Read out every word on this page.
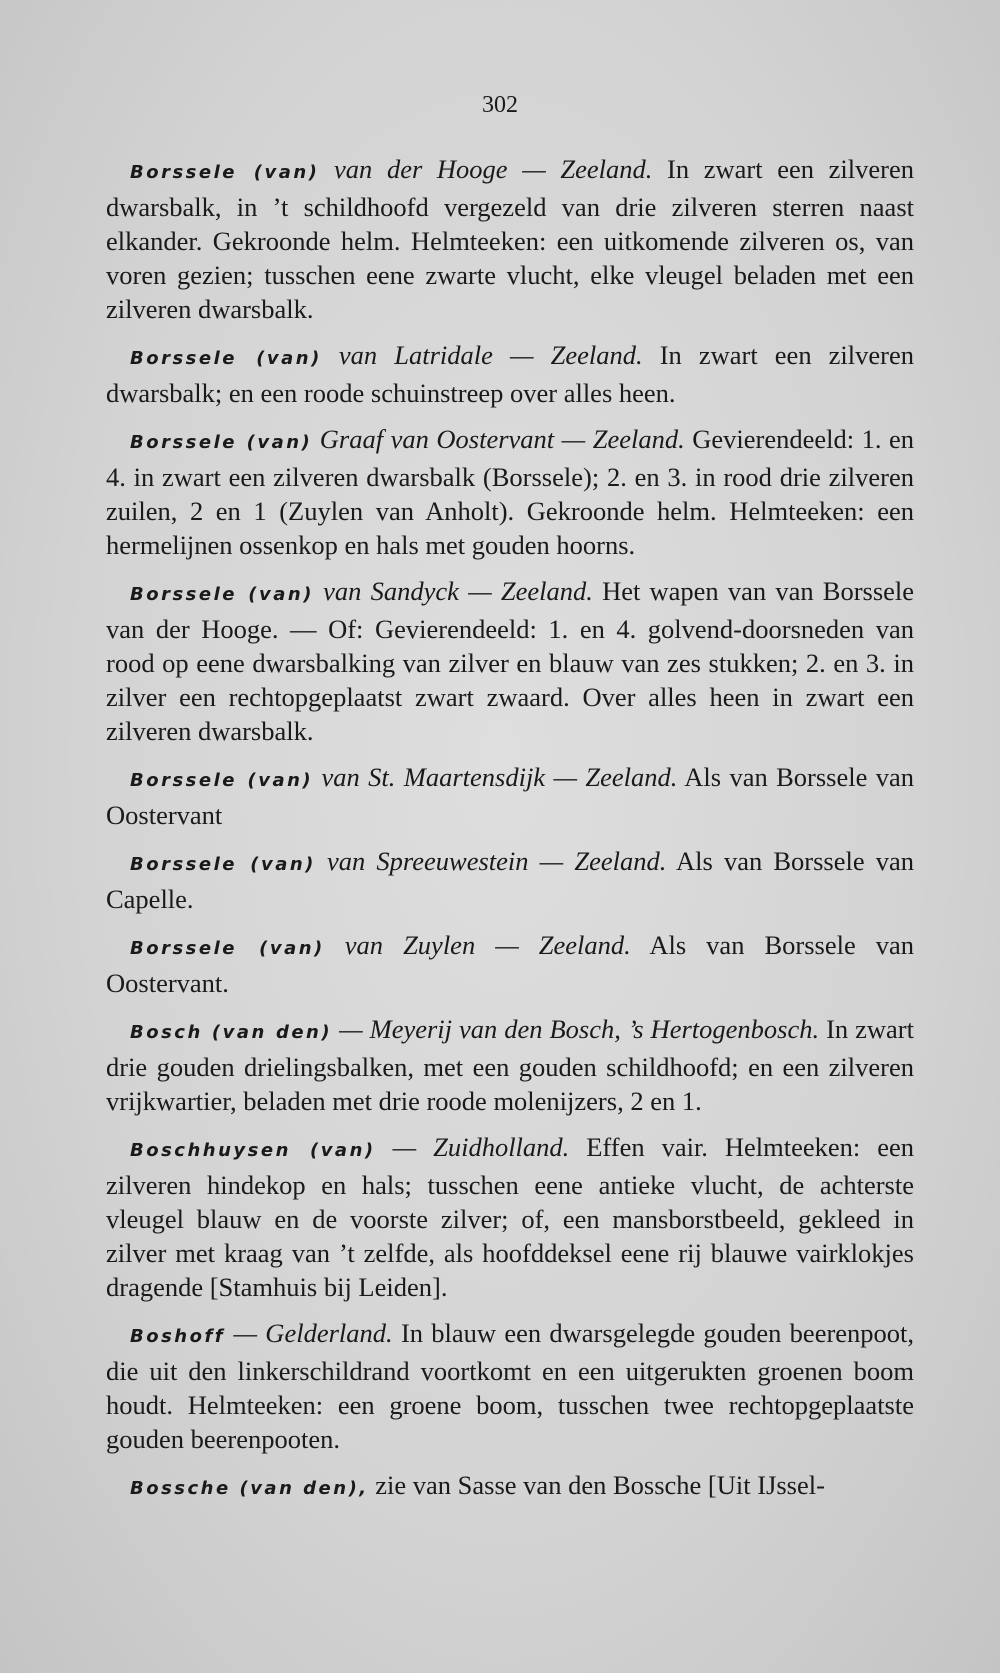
302

Borssele (van) van der Hooge — Zeeland. In zwart een zilveren dwarsbalk, in ’t schildhoofd vergezeld van drie zilveren sterren naast elkander. Gekroonde helm. Helmteeken: een uitkomende zilveren os, van voren gezien; tusschen eene zwarte vlucht, elke vleugel beladen met een zilveren dwarsbalk.

Borssele (van) van Latridale — Zeeland. In zwart een zilveren dwarsbalk; en een roode schuinstreep over alles heen.

Borssele (van) Graaf van Oostervant — Zeeland. Gevierendeeld: 1. en 4. in zwart een zilveren dwarsbalk (Borssele); 2. en 3. in rood drie zilveren zuilen, 2 en 1 (Zuylen van Anholt). Gekroonde helm. Helmteeken: een hermelijnen ossenkop en hals met gouden hoorns.

Borssele (van) van Sandyck — Zeeland. Het wapen van van Borssele van der Hooge. — Of: Gevierendeeld: 1. en 4. golvend-doorsneden van rood op eene dwarsbalking van zilver en blauw van zes stukken; 2. en 3. in zilver een rechtopgeplaatst zwart zwaard. Over alles heen in zwart een zilveren dwarsbalk.

Borssele (van) van St. Maartensdijk — Zeeland. Als van Borssele van Oostervant

Borssele (van) van Spreeuwestein — Zeeland. Als van Borssele van Capelle.

Borssele (van) van Zuylen — Zeeland. Als van Borssele van Oostervant.

Bosch (van den) — Meyerij van den Bosch, ’s Hertogenbosch. In zwart drie gouden drielingsbalken, met een gouden schildhoofd; en een zilveren vrijkwartier, beladen met drie roode molenijzers, 2 en 1.

Boschhuysen (van) — Zuidholland. Effen vair. Helmteeken: een zilveren hindekop en hals; tusschen eene antieke vlucht, de achterste vleugel blauw en de voorste zilver; of, een mansborstbeeld, gekleed in zilver met kraag van ’t zelfde, als hoofddeksel eene rij blauwe vairklokjes dragende [Stamhuis bij Leiden].

Boshoff — Gelderland. In blauw een dwarsgelegde gouden beerenpoot, die uit den linkerschildrand voortkomt en een uitgerukten groenen boom houdt. Helmteeken: een groene boom, tusschen twee rechtopgeplaatste gouden beerenpooten.

Bossche (van den), zie van Sasse van den Bossche [Uit IJssel-
